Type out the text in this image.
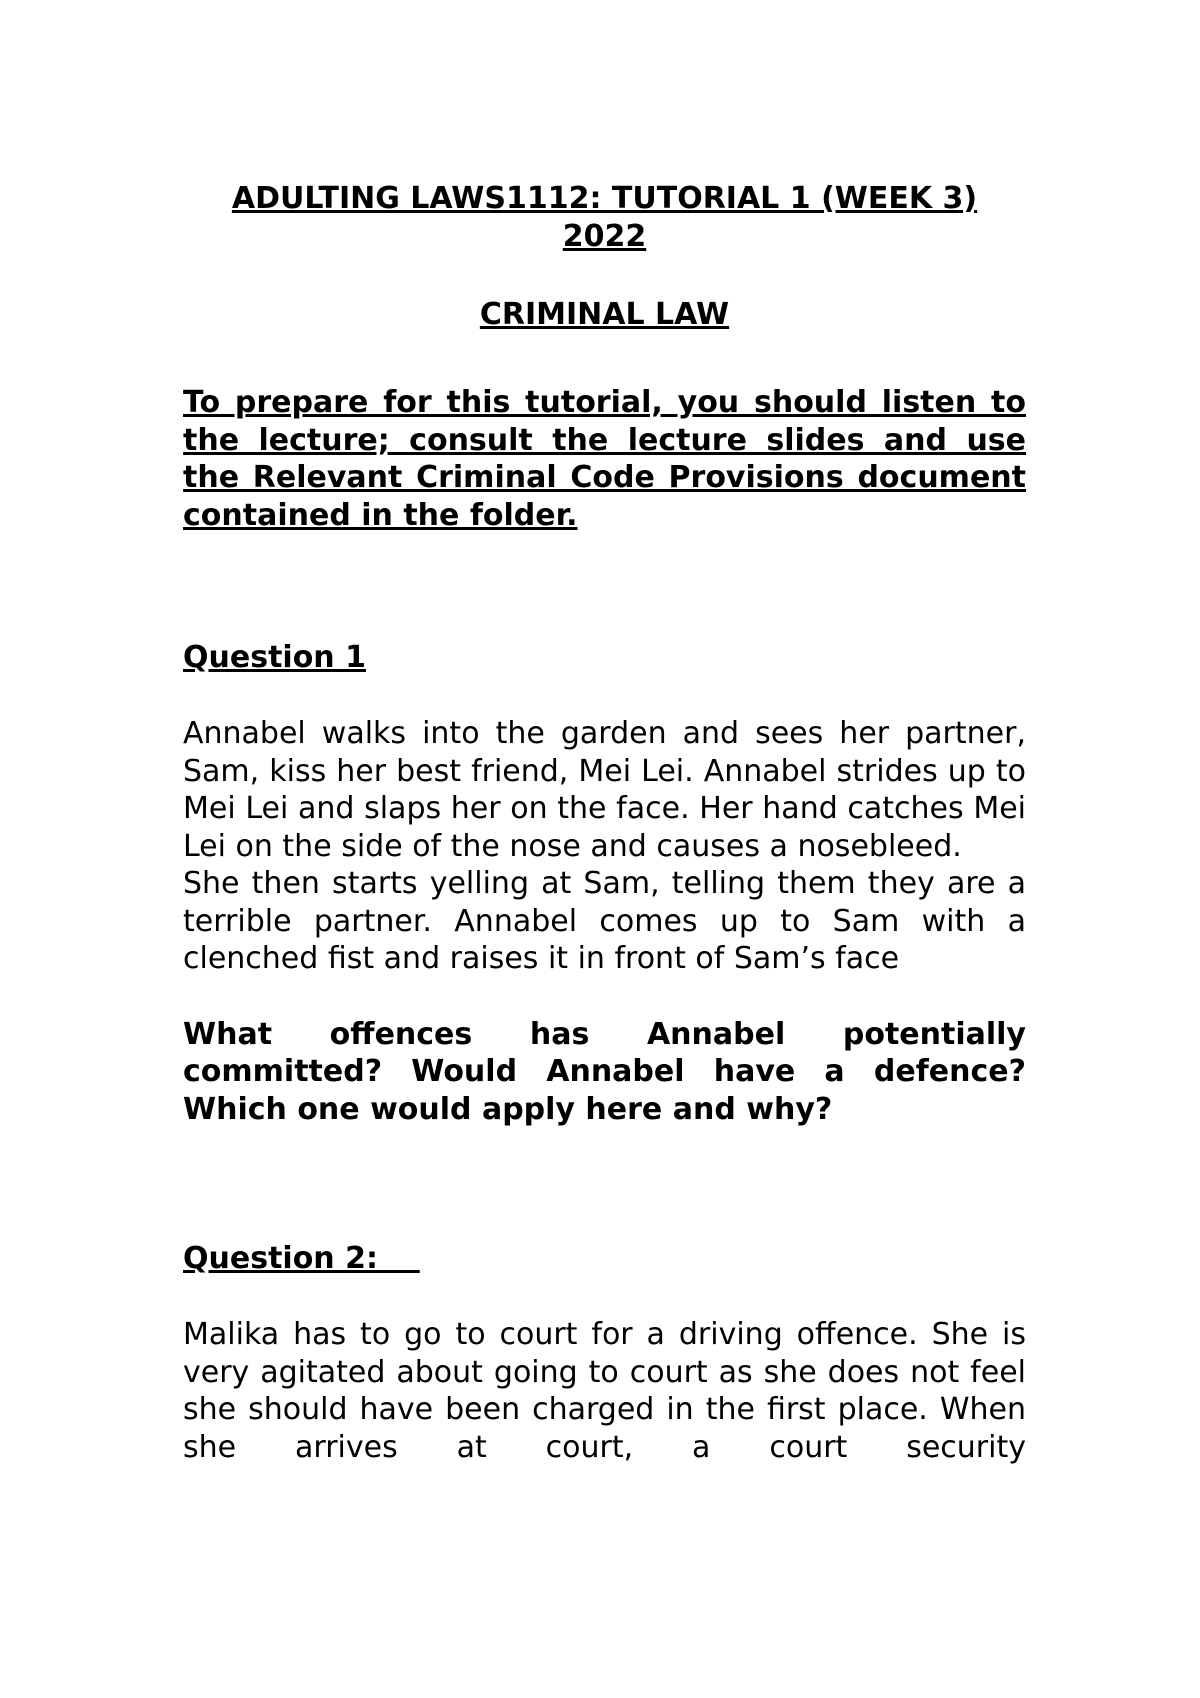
ADULTING LAWS1112: TUTORIAL 1 (WEEK 3)
2022
CRIMINAL LAW

To prepare for this tutorial, you should listen to the lecture; consult the lecture slides and use the Relevant Criminal Code Provisions document contained in the folder.

Question 1

Annabel walks into the garden and sees her partner, Sam, kiss her best friend, Mei Lei. Annabel strides up to Mei Lei and slaps her on the face. Her hand catches Mei Lei on the side of the nose and causes a nosebleed.

She then starts yelling at Sam, telling them they are a terrible partner. Annabel comes up to Sam with a clenched fist and raises it in front of Sam’s face

What offences has Annabel potentially committed? Would Annabel have a defence? Which one would apply here and why?

Question 2:

Malika has to go to court for a driving offence. She is very agitated about going to court as she does not feel she should have been charged in the first place. When she arrives at court, a court security
